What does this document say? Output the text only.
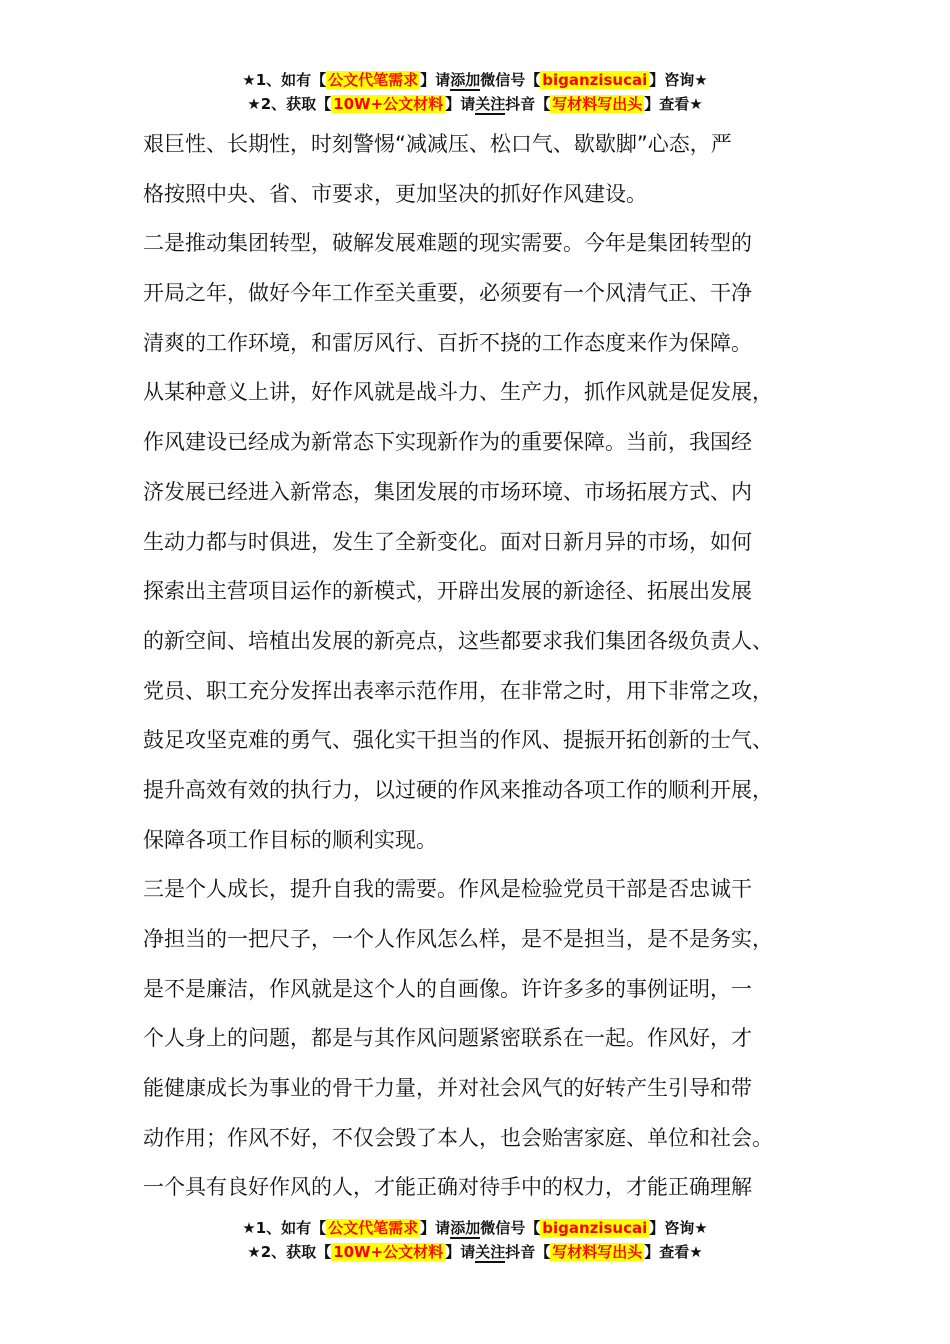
★1、如有【 公文代笔需求 】请添加微信号【 biganzisucai 】咨询★
★2、获取【 10W+公文材料 】请关注抖音【 写材料写出头 】查看★
艰巨性、长期性，时刻警惕“减减压、松口气、歇歇脚”心态，严
格按照中央、省、市要求，更加坚决的抓好作风建设。
二是推动集团转型，破解发展难题的现实需要。今年是集团转型的
开局之年，做好今年工作至关重要，必须要有一个风清气正、干净
清爽的工作环境，和雷厉风行、百折不挠的工作态度来作为保障。
从某种意义上讲，好作风就是战斗力、生产力，抓作风就是促发展，
作风建设已经成为新常态下实现新作为的重要保障。当前，我国经
济发展已经进入新常态，集团发展的市场环境、市场拓展方式、内
生动力都与时俱进，发生了全新变化。面对日新月异的市场，如何
探索出主营项目运作的新模式，开辟出发展的新途径、拓展出发展
的新空间、培植出发展的新亮点，这些都要求我们集团各级负责人、
党员、职工充分发挥出表率示范作用，在非常之时，用下非常之攻，
鼓足攻坚克难的勇气、强化实干担当的作风、提振开拓创新的士气、
提升高效有效的执行力，以过硬的作风来推动各项工作的顺利开展，
保障各项工作目标的顺利实现。
三是个人成长，提升自我的需要。作风是检验党员干部是否忠诚干
净担当的一把尺子，一个人作风怎么样，是不是担当，是不是务实，
是不是廉洁，作风就是这个人的自画像。许许多多的事例证明，一
个人身上的问题，都是与其作风问题紧密联系在一起。作风好，才
能健康成长为事业的骨干力量，并对社会风气的好转产生引导和带
动作用；作风不好，不仅会毁了本人，也会贻害家庭、单位和社会。
一个具有良好作风的人，才能正确对待手中的权力，才能正确理解
★1、如有【 公文代笔需求 】请添加微信号【 biganzisucai 】咨询★
★2、获取【 10W+公文材料 】请关注抖音【 写材料写出头 】查看★
